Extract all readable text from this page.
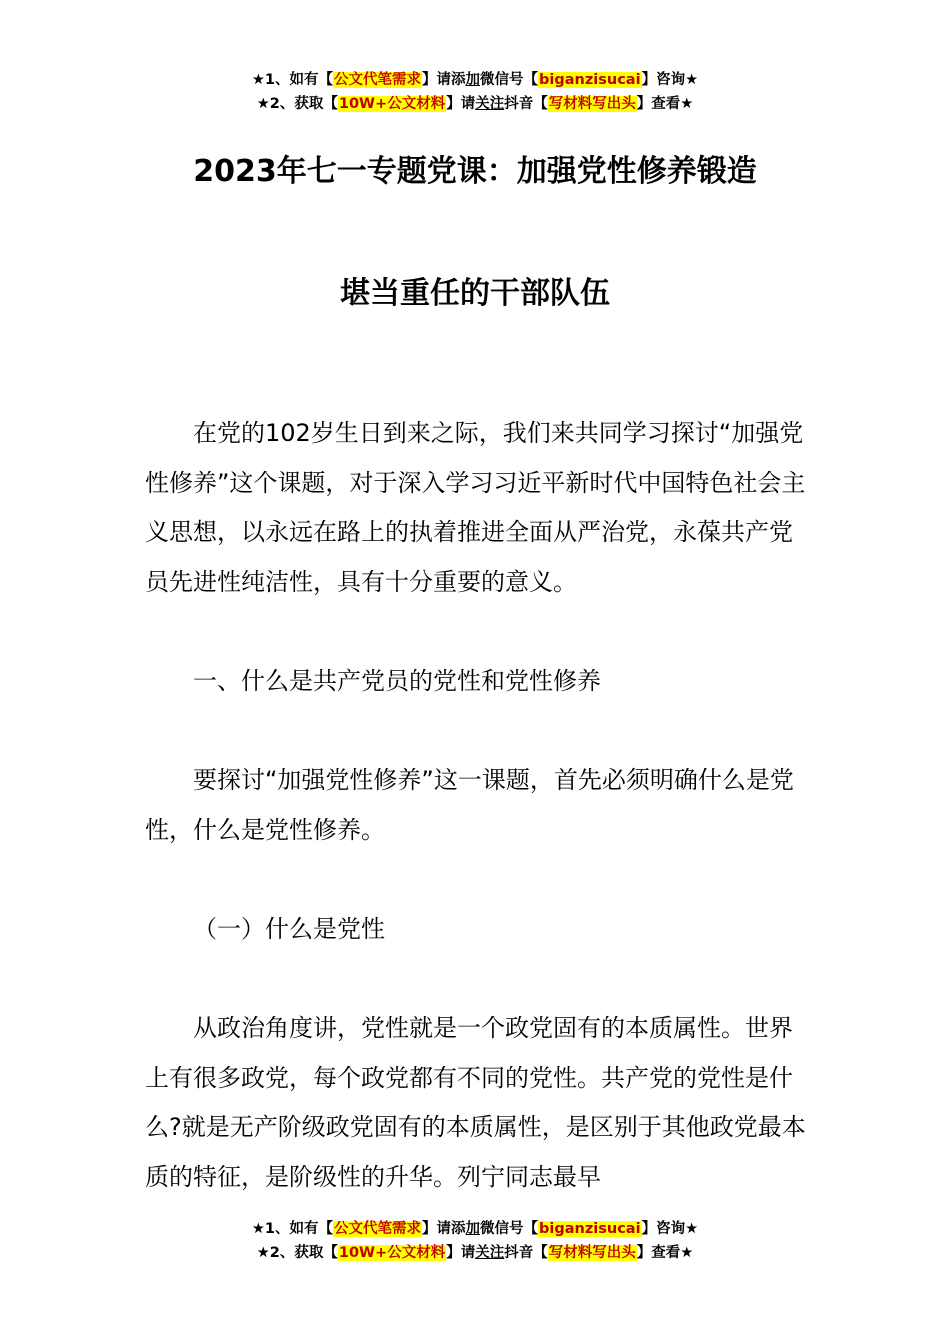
★1、如有【公文代笔需求】请添加微信号【biganzisucai】咨询★
★2、获取【10W+公文材料】请关注抖音【写材料写出头】查看★
2023年七一专题党课：加强党性修养锻造
堪当重任的干部队伍

在党的102岁生日到来之际，我们来共同学习探讨“加强党性修养”这个课题，对于深入学习习近平新时代中国特色社会主义思想，以永远在路上的执着推进全面从严治党，永葆共产党员先进性纯洁性，具有十分重要的意义。

一、什么是共产党员的党性和党性修养

要探讨“加强党性修养”这一课题，首先必须明确什么是党性，什么是党性修养。

（一）什么是党性

从政治角度讲，党性就是一个政党固有的本质属性。世界上有很多政党，每个政党都有不同的党性。共产党的党性是什么?就是无产阶级政党固有的本质属性，是区别于其他政党最本质的特征，是阶级性的升华。列宁同志最早

★1、如有【公文代笔需求】请添加微信号【biganzisucai】咨询★
★2、获取【10W+公文材料】请关注抖音【写材料写出头】查看★
